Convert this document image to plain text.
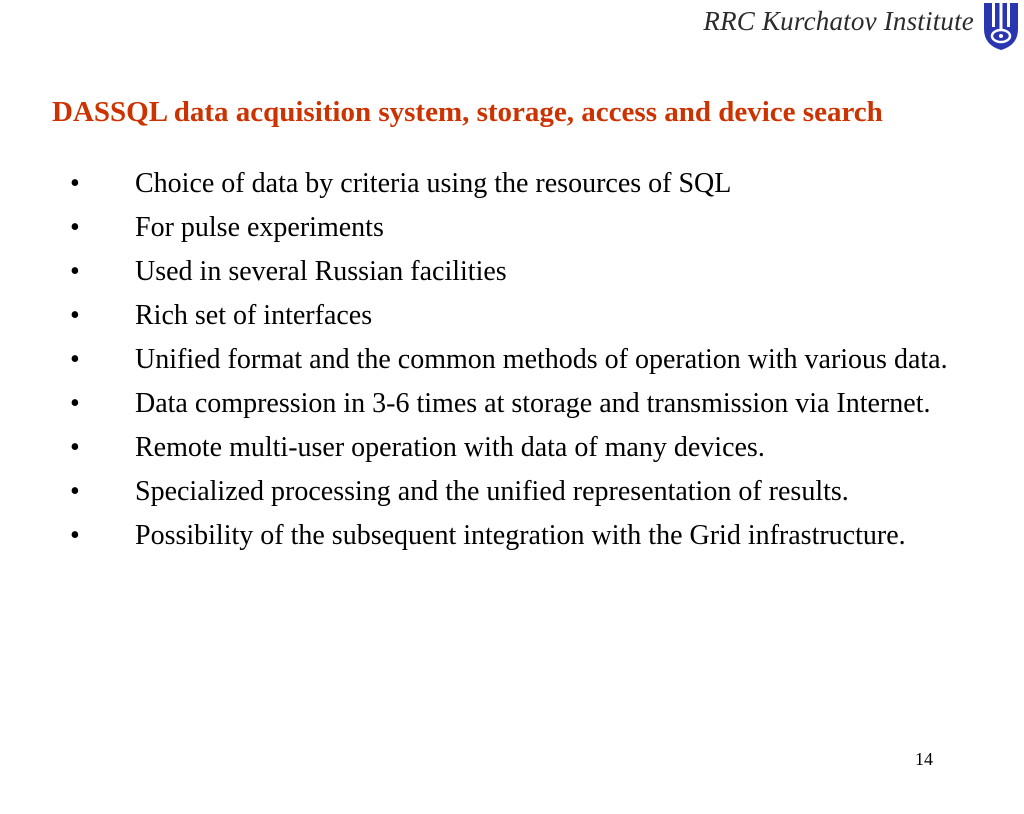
RRC Kurchatov Institute
DASSQL data acquisition system, storage, access and device search
• Choice of data by criteria using the resources of SQL
• For pulse experiments
• Used in several Russian facilities
• Rich set of interfaces
• Unified format and the common methods of operation with various data.
• Data compression in 3-6 times at storage and transmission via Internet.
• Remote multi-user operation with data of many devices.
• Specialized processing and the unified representation of results.
• Possibility of the subsequent integration with the Grid infrastructure.
14
